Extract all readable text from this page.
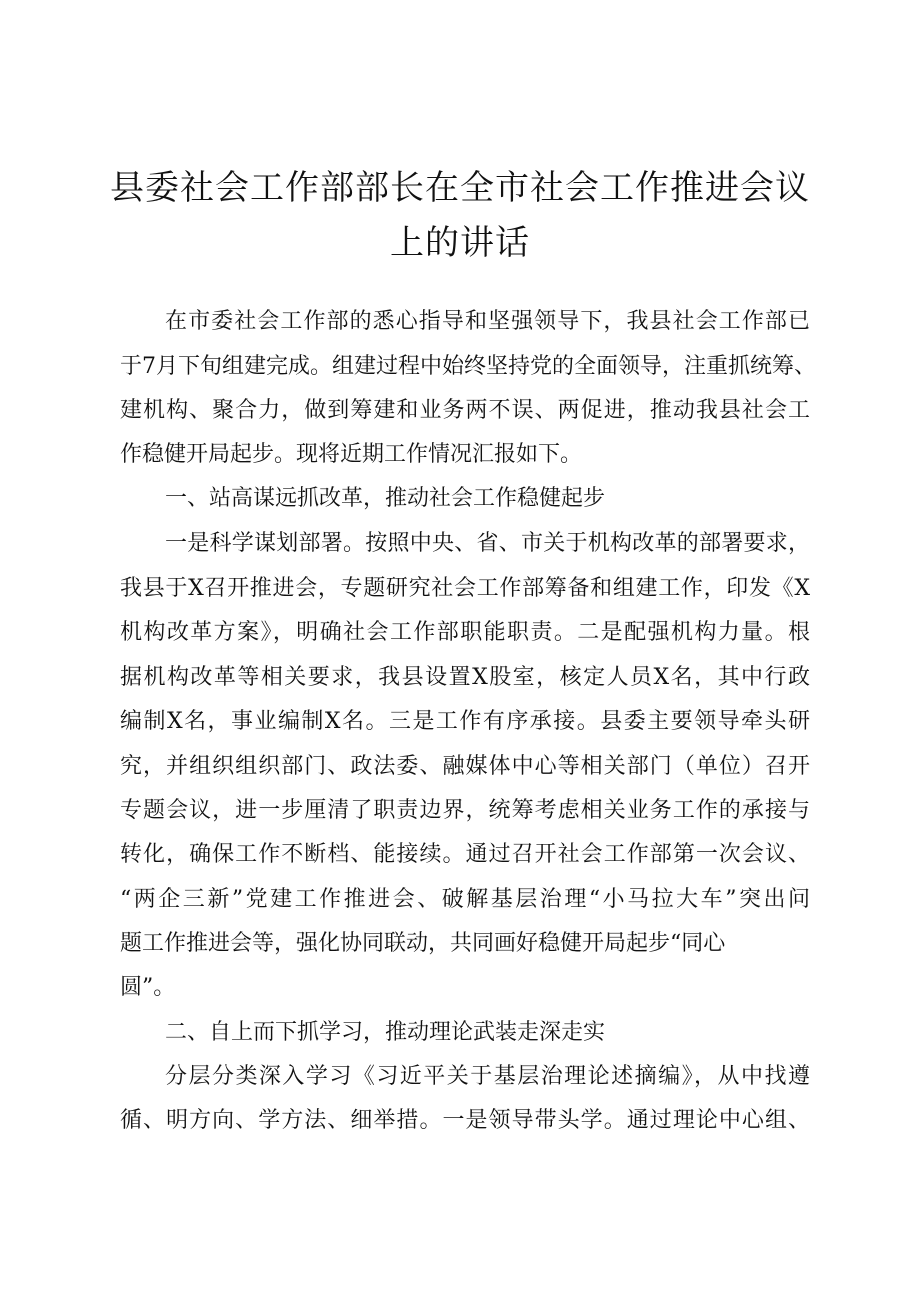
县委社会工作部部长在全市社会工作推进会议
上的讲话

在市委社会工作部的悉心指导和坚强领导下，我县社会工作部已

于7月下旬组建完成。组建过程中始终坚持党的全面领导，注重抓统筹、

建机构、聚合力，做到筹建和业务两不误、两促进，推动我县社会工

作稳健开局起步。现将近期工作情况汇报如下。

一、站高谋远抓改革，推动社会工作稳健起步

一是科学谋划部署。按照中央、省、市关于机构改革的部署要求，

我县于X召开推进会，专题研究社会工作部筹备和组建工作，印发《X

机构改革方案》，明确社会工作部职能职责。二是配强机构力量。根

据机构改革等相关要求，我县设置X股室，核定人员X名，其中行政

编制X名，事业编制X名。三是工作有序承接。县委主要领导牵头研

究，并组织组织部门、政法委、融媒体中心等相关部门（单位）召开

专题会议，进一步厘清了职责边界，统筹考虑相关业务工作的承接与

转化，确保工作不断档、能接续。通过召开社会工作部第一次会议、

“两企三新”党建工作推进会、破解基层治理“小马拉大车”突出问

题工作推进会等，强化协同联动，共同画好稳健开局起步“同心

圆”。

二、自上而下抓学习，推动理论武装走深走实

分层分类深入学习《习近平关于基层治理论述摘编》，从中找遵

循、明方向、学方法、细举措。一是领导带头学。通过理论中心组、
